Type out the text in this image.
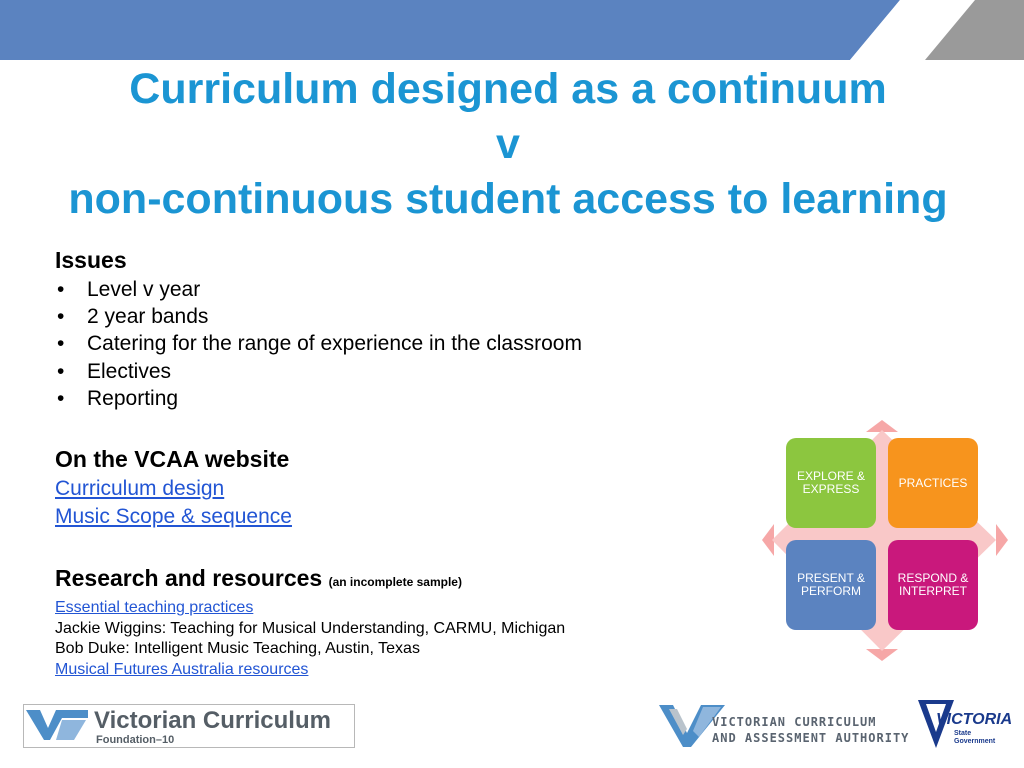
Curriculum designed as a continuum
v
non-continuous student access to learning
Issues
• Level v year
• 2 year bands
• Catering for the range of experience in the classroom
• Electives
• Reporting
On the VCAA website
Curriculum design
Music Scope & sequence
Research and resources (an incomplete sample)
Essential teaching practices
Jackie Wiggins: Teaching for Musical Understanding, CARMU, Michigan
Bob Duke: Intelligent Music Teaching, Austin, Texas
Musical Futures Australia resources
EXPLORE & EXPRESS	PRACTICES
PRESENT & PERFORM
RESPOND & INTERPRET
Victorian Curriculum
Foundation–10
VICTORIAN CURRICULUM
AND ASSESSMENT AUTHORITY
VICTORIA
State
Government
